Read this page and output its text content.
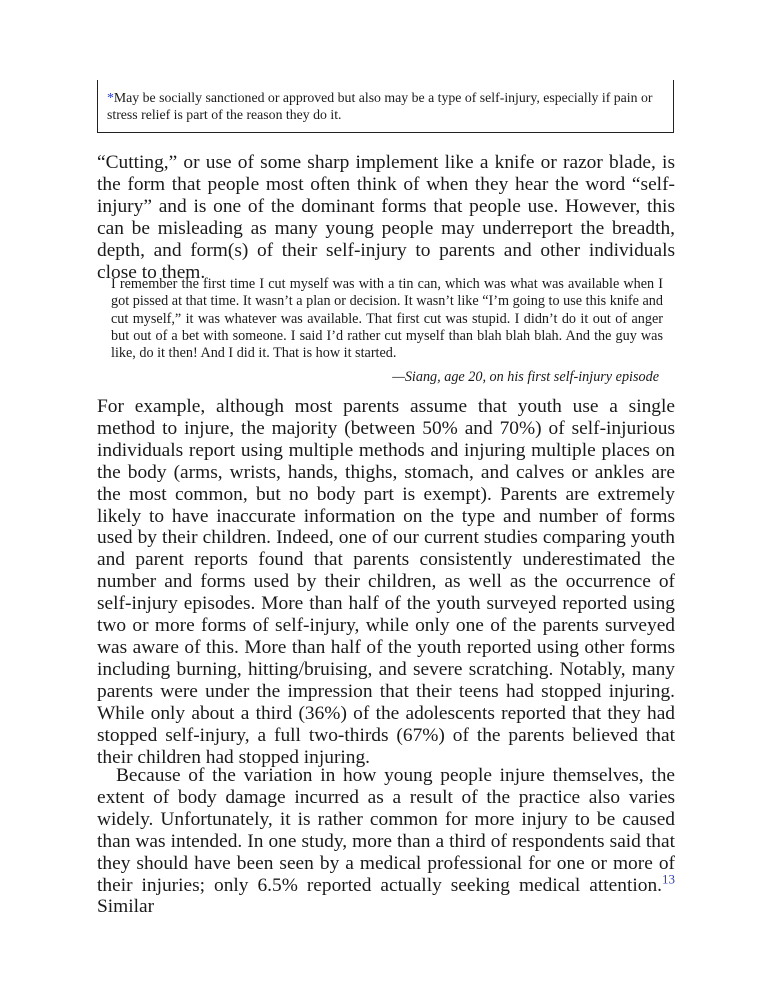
*May be socially sanctioned or approved but also may be a type of self-injury, especially if pain or stress relief is part of the reason they do it.

“Cutting,” or use of some sharp implement like a knife or razor blade, is the form that people most often think of when they hear the word “self-injury” and is one of the dominant forms that people use. However, this can be misleading as many young people may underreport the breadth, depth, and form(s) of their self-injury to parents and other individuals close to them.

I remember the first time I cut myself was with a tin can, which was what was available when I got pissed at that time. It wasn’t a plan or decision. It wasn’t like “I’m going to use this knife and cut myself,” it was whatever was available. That first cut was stupid. I didn’t do it out of anger but out of a bet with someone. I said I’d rather cut myself than blah blah blah. And the guy was like, do it then! And I did it. That is how it started.

—Siang, age 20, on his first self-injury episode

For example, although most parents assume that youth use a single method to injure, the majority (between 50% and 70%) of self-injurious individuals report using multiple methods and injuring multiple places on the body (arms, wrists, hands, thighs, stomach, and calves or ankles are the most common, but no body part is exempt). Parents are extremely likely to have inaccurate information on the type and number of forms used by their children. Indeed, one of our current studies comparing youth and parent reports found that parents consistently underestimated the number and forms used by their children, as well as the occurrence of self-injury episodes. More than half of the youth surveyed reported using two or more forms of self-injury, while only one of the parents surveyed was aware of this. More than half of the youth reported using other forms including burning, hitting/bruising, and severe scratching. Notably, many parents were under the impression that their teens had stopped injuring. While only about a third (36%) of the adolescents reported that they had stopped self-injury, a full two-thirds (67%) of the parents believed that their children had stopped injuring.

Because of the variation in how young people injure themselves, the extent of body damage incurred as a result of the practice also varies widely. Unfortunately, it is rather common for more injury to be caused than was intended. In one study, more than a third of respondents said that they should have been seen by a medical professional for one or more of their injuries; only 6.5% reported actually seeking medical attention.$^{13}$ Similar
